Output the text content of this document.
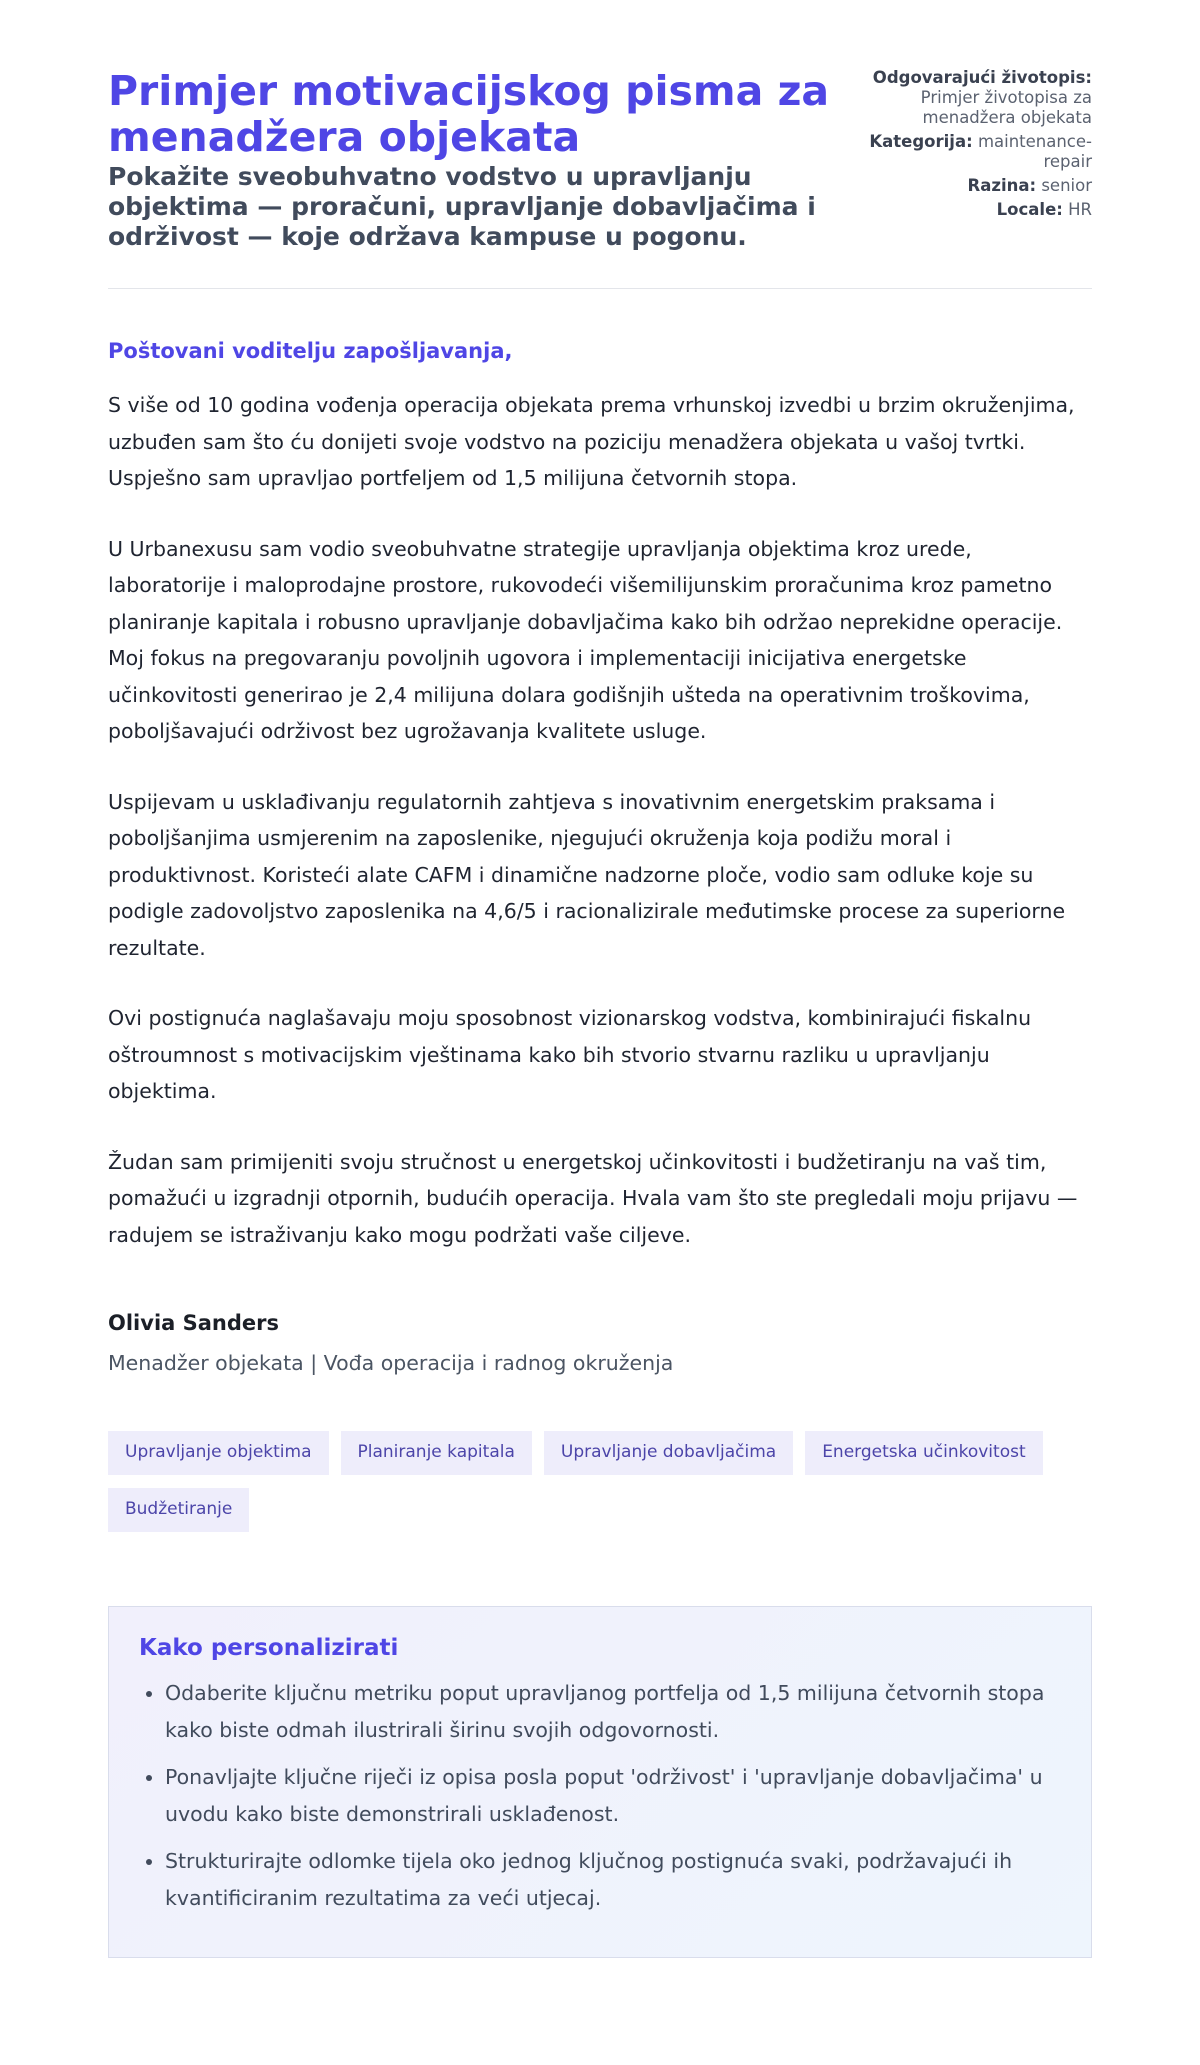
Primjer motivacijskog pisma za menadžera objekata
Pokažite sveobuhvatno vodstvo u upravljanju objektima — proračuni, upravljanje dobavljačima i održivost — koje održava kampuse u pogonu.
Odgovarajući životopis: Primjer životopisa za menadžera objekata
Kategorija: maintenance-repair
Razina: senior
Locale: HR

Poštovani voditelju zapošljavanja,

S više od 10 godina vođenja operacija objekata prema vrhunskoj izvedbi u brzim okruženjima, uzbuđen sam što ću donijeti svoje vodstvo na poziciju menadžera objekata u vašoj tvrtki. Uspješno sam upravljao portfeljem od 1,5 milijuna četvornih stopa.

U Urbanexusu sam vodio sveobuhvatne strategije upravljanja objektima kroz urede, laboratorije i maloprodajne prostore, rukovodeći višemilijunskim proračunima kroz pametno planiranje kapitala i robusno upravljanje dobavljačima kako bih održao neprekidne operacije. Moj fokus na pregovaranju povoljnih ugovora i implementaciji inicijativa energetske učinkovitosti generirao je 2,4 milijuna dolara godišnjih ušteda na operativnim troškovima, poboljšavajući održivost bez ugrožavanja kvalitete usluge.

Uspijevam u usklađivanju regulatornih zahtjeva s inovativnim energetskim praksama i poboljšanjima usmjerenim na zaposlenike, njegujući okruženja koja podižu moral i produktivnost. Koristeći alate CAFM i dinamične nadzorne ploče, vodio sam odluke koje su podigle zadovoljstvo zaposlenika na 4,6/5 i racionalizirale međutimske procese za superiorne rezultate.

Ovi postignuća naglašavaju moju sposobnost vizionarskog vodstva, kombinirajući fiskalnu oštroumnost s motivacijskim vještinama kako bih stvorio stvarnu razliku u upravljanju objektima.

Žudan sam primijeniti svoju stručnost u energetskoj učinkovitosti i budžetiranju na vaš tim, pomažući u izgradnji otpornih, budućih operacija. Hvala vam što ste pregledali moju prijavu — radujem se istraživanju kako mogu podržati vaše ciljeve.

Olivia Sanders

Menadžer objekata | Vođa operacija i radnog okruženja

Upravljanje objektima	Planiranje kapitala	Upravljanje dobavljačima	Energetska učinkovitost
Budžetiranje
Kako personalizirati
• Odaberite ključnu metriku poput upravljanog portfelja od 1,5 milijuna četvornih stopa kako biste odmah ilustrirali širinu svojih odgovornosti.
• Ponavljajte ključne riječi iz opisa posla poput 'održivost' i 'upravljanje dobavljačima' u uvodu kako biste demonstrirali usklađenost.
• Strukturirajte odlomke tijela oko jednog ključnog postignuća svaki, podržavajući ih kvantificiranim rezultatima za veći utjecaj.
